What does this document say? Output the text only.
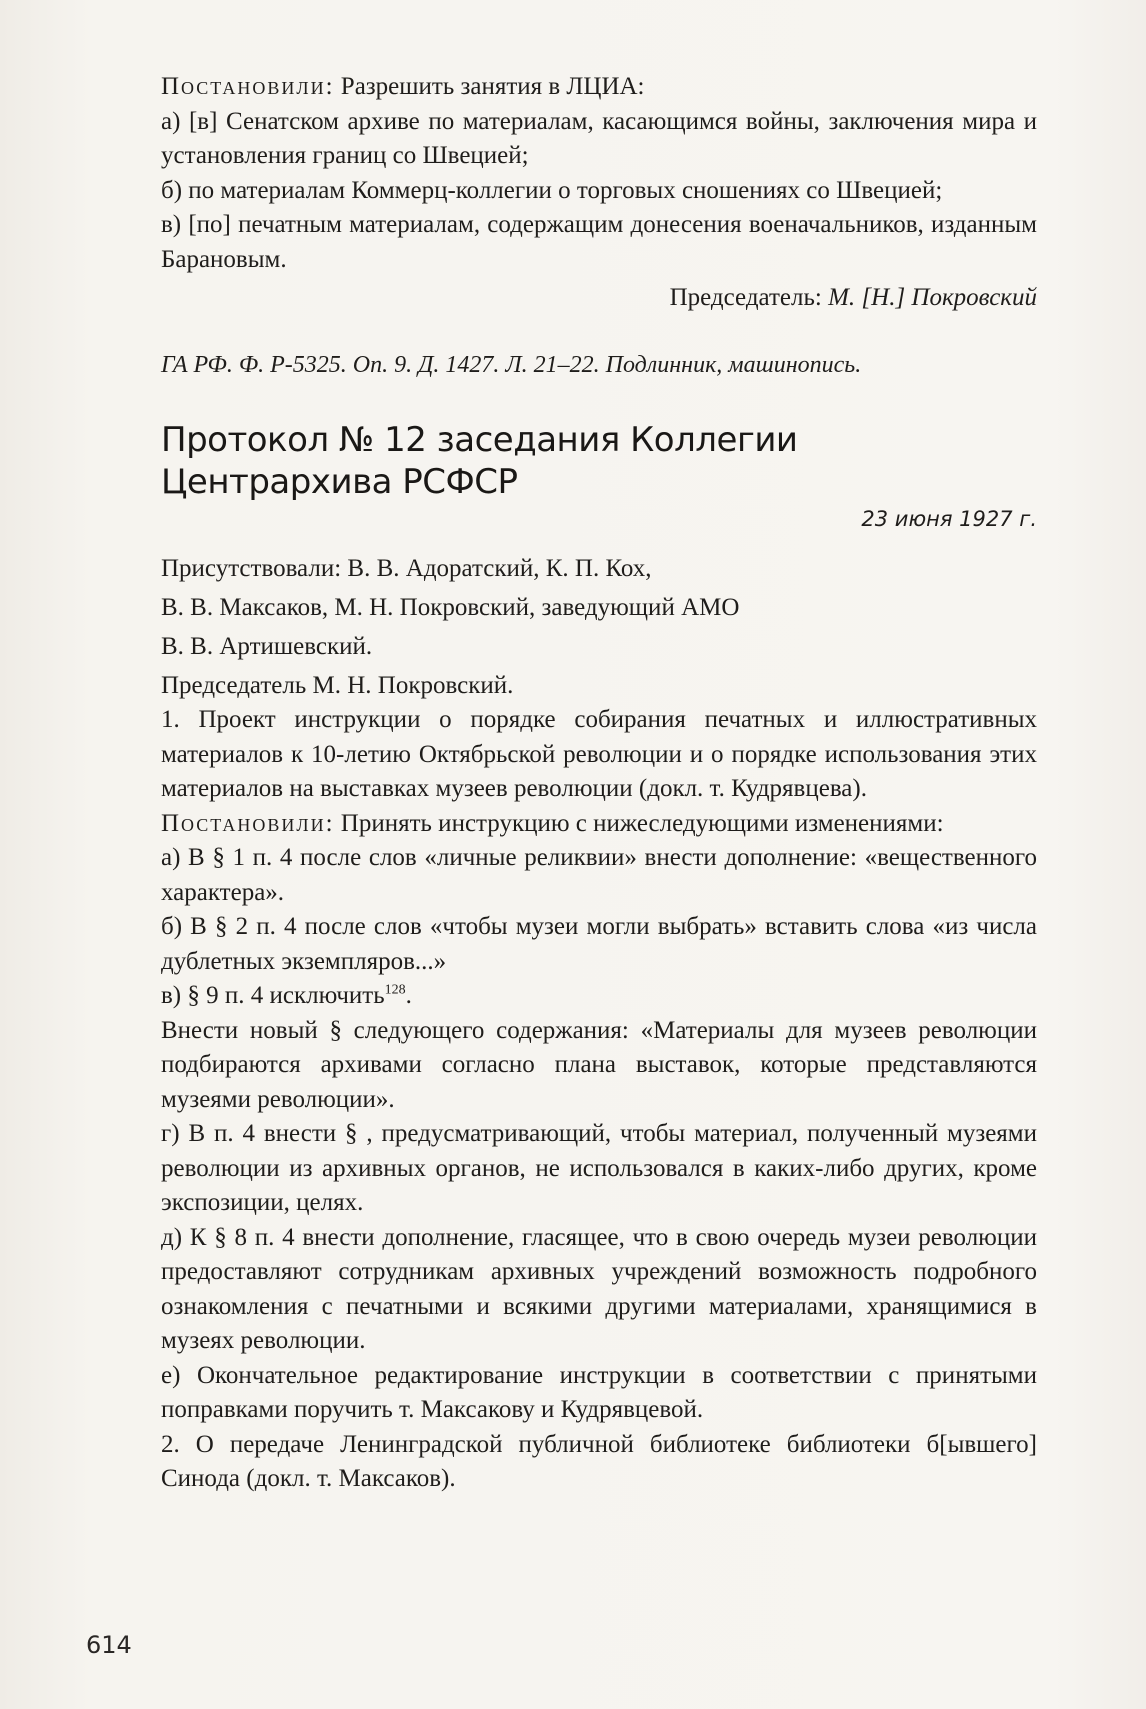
Постановили: Разрешить занятия в ЛЦИА:

а) [в] Сенатском архиве по материалам, касающимся войны, заключения мира и установления границ со Швецией;

б) по материалам Коммерц-коллегии о торговых сношениях со Швецией;

в) [по] печатным материалам, содержащим донесения военачальников, изданным Барановым.

Председатель: М. [Н.] Покровский
ГА РФ. Ф. Р-5325. Оп. 9. Д. 1427. Л. 21–22. Подлинник, машинопись.
Протокол № 12 заседания Коллегии
Центрархива РСФСР
23 июня 1927 г.

Присутствовали: В. В. Адоратский, К. П. Кох,

В. В. Максаков, М. Н. Покровский, заведующий АМО

В. В. Артишевский.

Председатель М. Н. Покровский.

1. Проект инструкции о порядке собирания печатных и иллюстративных материалов к 10-летию Октябрьской революции и о порядке использования этих материалов на выставках музеев революции (докл. т. Кудрявцева).

Постановили: Принять инструкцию с нижеследующими изменениями:

а) В § 1 п. 4 после слов «личные реликвии» внести дополнение: «вещественного характера».

б) В § 2 п. 4 после слов «чтобы музеи могли выбрать» вставить слова «из числа дублетных экземпляров...»

в) § 9 п. 4 исключить$^{128}$.

Внести новый § следующего содержания: «Материалы для музеев революции подбираются архивами согласно плана выставок, которые представляются музеями революции».

г) В п. 4 внести § , предусматривающий, чтобы материал, полученный музеями революции из архивных органов, не использовался в каких-либо других, кроме экспозиции, целях.

д) К § 8 п. 4 внести дополнение, гласящее, что в свою очередь музеи революции предоставляют сотрудникам архивных учреждений возможность подробного ознакомления с печатными и всякими другими материалами, хранящимися в музеях революции.

е) Окончательное редактирование инструкции в соответствии с принятыми поправками поручить т. Максакову и Кудрявцевой.

2. О передаче Ленинградской публичной библиотеке библиотеки б[ывшего] Синода (докл. т. Максаков).

614
